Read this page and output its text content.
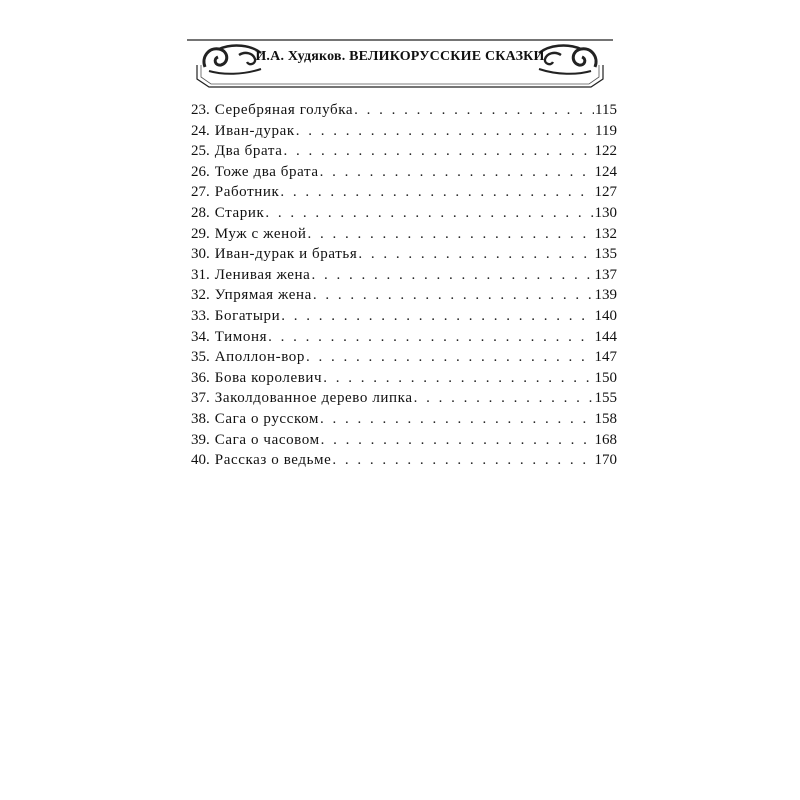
И.А. Худяков. ВЕЛИКОРУССКИЕ СКАЗКИ
23. Серебряная голубка . . .	115
24. Иван-дурак . . .	119
25. Два брата . . .	122
26. Тоже два брата . . .	124
27. Работник . . .	127
28. Старик . . .	130
29. Муж с женой . . .	132
30. Иван-дурак и братья . . .	135
31. Ленивая жена . . .	137
32. Упрямая жена . . .	139
33. Богатыри . . .	140
34. Тимоня . . .	144
35. Аполлон-вор . . .	147
36. Бова королевич . . .	150
37. Заколдованное дерево липка . . .	155
38. Сага о русском . . .	158
39. Сага о часовом . . .	168
40. Рассказ о ведьме . . .	170
